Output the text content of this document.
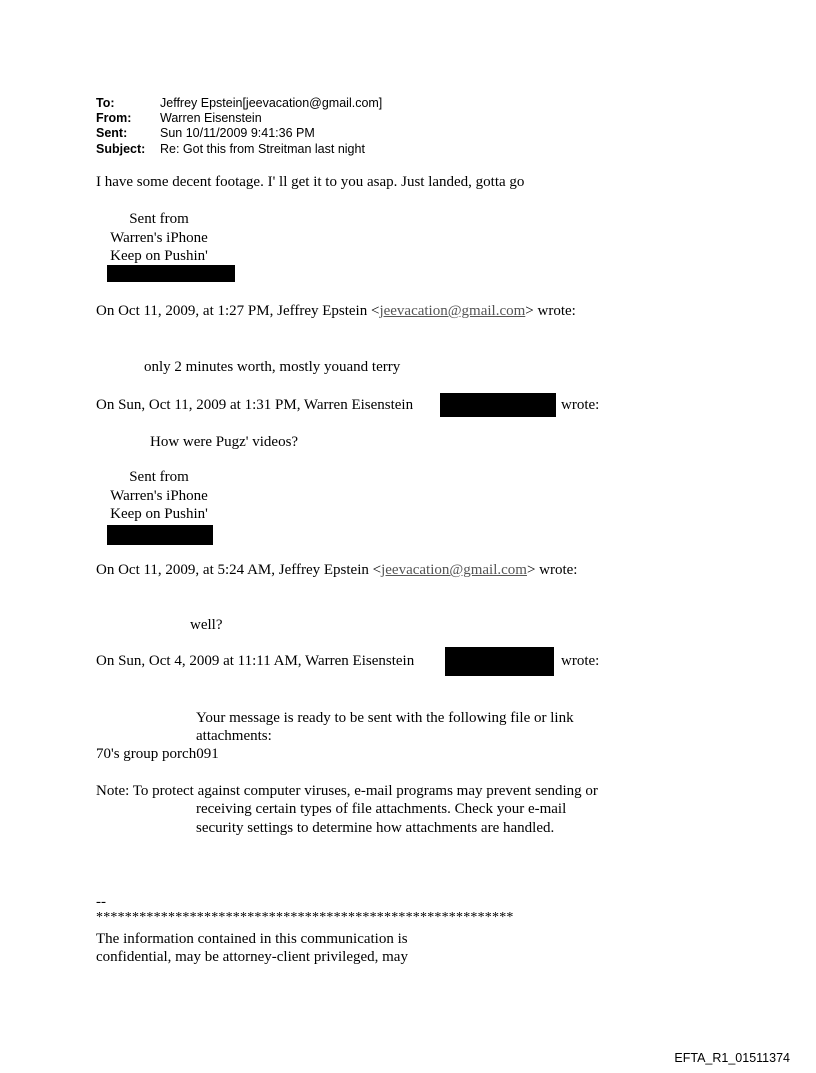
To:	Jeffrey Epstein[jeevacation@gmail.com]
From: Warren Eisenstein
Sent:	Sun 10/11/2009 9:41:36 PM
Subject: Re: Got this from Streitman last night
I have some decent footage. I' ll get it to you asap. Just landed, gotta go
Sent from
Warren's iPhone
Keep on Pushin'
On Oct 11, 2009, at 1:27 PM, Jeffrey Epstein <jeevacation@gmail.com> wrote:
only 2 minutes worth, mostly youand terry
On Sun, Oct 11, 2009 at 1:31 PM, Warren Eisenstein	wrote:
How were Pugz' videos?
Sent from
Warren's iPhone
Keep on Pushin'
On Oct 11, 2009, at 5:24 AM, Jeffrey Epstein <jeevacation@gmail.com> wrote:
well?
On Sun, Oct 4, 2009 at 11:11 AM, Warren Eisenstein	wrote:
Your message is ready to be sent with the following file or link
attachments:
70's group porch091
Note: To protect against computer viruses, e-mail programs may prevent sending or
receiving certain types of file attachments. Check your e-mail
security settings to determine how attachments are handled.
--
**********************************************************
The information contained in this communication is
confidential, may be attorney-client privileged, may
EFTA_R1_01511374
